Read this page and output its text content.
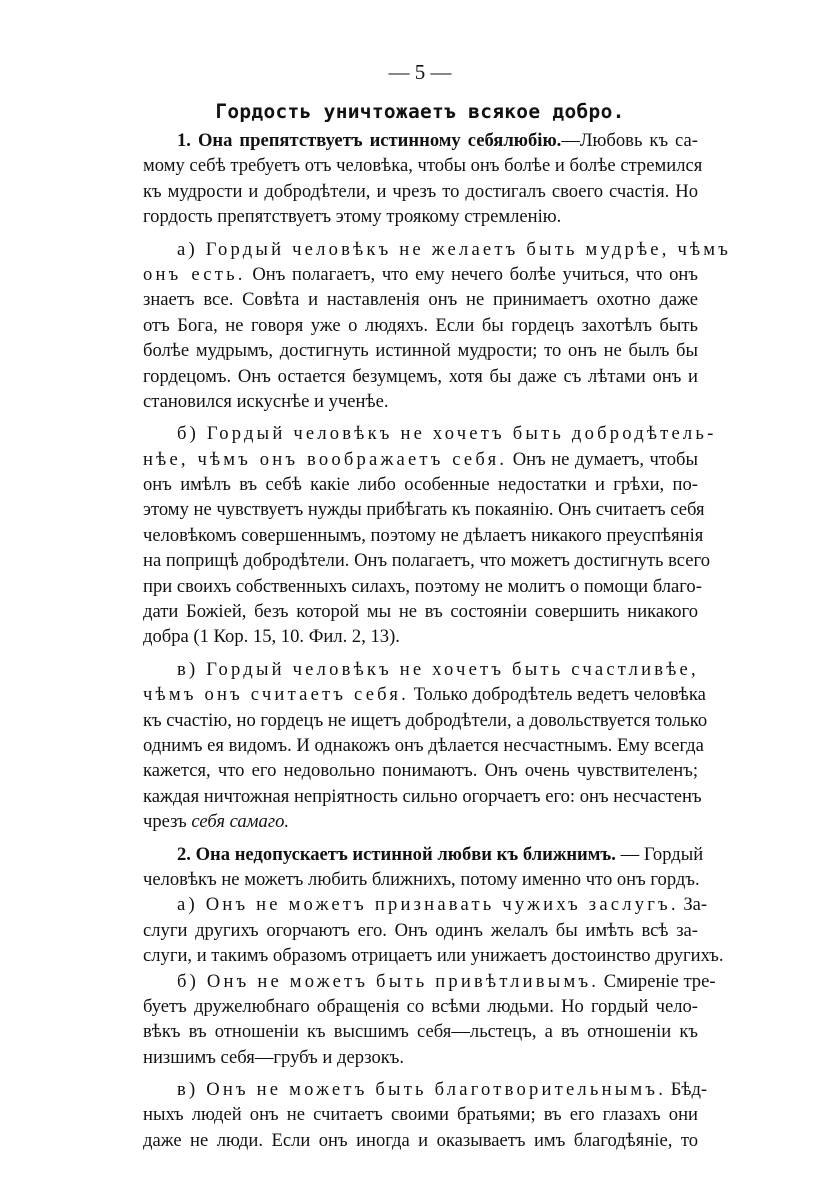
— 5 —
Гордость уничтожаетъ всякое добро.
1. Она препятствуетъ истинному себялюбію.—Любовь къ са-
мому себѣ требуетъ отъ человѣка, чтобы онъ болѣе и болѣе стремился
къ мудрости и добродѣтели, и чрезъ то достигалъ своего счастія. Но
гордость препятствуетъ этому троякому стремленію.
а) Гордый человѣкъ не желаетъ быть мудрѣе, чѣмъ
онъ есть. Онъ полагаетъ, что ему нечего болѣе учиться, что онъ
знаетъ все. Совѣта и наставленія онъ не принимаетъ охотно даже
отъ Бога, не говоря уже о людяхъ. Если бы гордецъ захотѣлъ быть
болѣе мудрымъ, достигнуть истинной мудрости; то онъ не былъ бы
гордецомъ. Онъ остается безумцемъ, хотя бы даже съ лѣтами онъ и
становился искуснѣе и ученѣе.
б) Гордый человѣкъ не хочетъ быть добродѣтель-
нѣе, чѣмъ онъ воображаетъ себя. Онъ не думаетъ, чтобы
онъ имѣлъ въ себѣ какіе либо особенные недостатки и грѣхи, по-
этому не чувствуетъ нужды прибѣгать къ покаянію. Онъ считаетъ себя
человѣкомъ совершеннымъ, поэтому не дѣлаетъ никакого преуспѣянія
на поприщѣ добродѣтели. Онъ полагаетъ, что можетъ достигнуть всего
при своихъ собственныхъ силахъ, поэтому не молитъ о помощи благо-
дати Божіей, безъ которой мы не въ состояніи совершить никакого
добра (1 Кор. 15, 10. Фил. 2, 13).
в) Гордый человѣкъ не хочетъ быть счастливѣе,
чѣмъ онъ считаетъ себя. Только добродѣтель ведетъ человѣка
къ счастію, но гордецъ не ищетъ добродѣтели, а довольствуется только
однимъ ея видомъ. И однакожъ онъ дѣлается несчастнымъ. Ему всегда
кажется, что его недовольно понимаютъ. Онъ очень чувствителенъ;
каждая ничтожная непріятность сильно огорчаетъ его: онъ несчастенъ
чрезъ себя самаго.
2. Она недопускаетъ истинной любви къ ближнимъ. — Гордый
человѣкъ не можетъ любить ближнихъ, потому именно что онъ гордъ.
а) Онъ не можетъ признавать чужихъ заслугъ. За-
слуги другихъ огорчаютъ его. Онъ одинъ желалъ бы имѣть всѣ за-
слуги, и такимъ образомъ отрицаетъ или унижаетъ достоинство другихъ.
б) Онъ не можетъ быть привѣтливымъ. Смиреніе тре-
буетъ дружелюбнаго обращенія со всѣми людьми. Но гордый чело-
вѣкъ въ отношеніи къ высшимъ себя—льстецъ, а въ отношеніи къ
низшимъ себя—грубъ и дерзокъ.
в) Онъ не можетъ быть благотворительнымъ. Бѣд-
ныхъ людей онъ не считаетъ своими братьями; въ его глазахъ они
даже не люди. Если онъ иногда и оказываетъ имъ благодѣяніе, то
